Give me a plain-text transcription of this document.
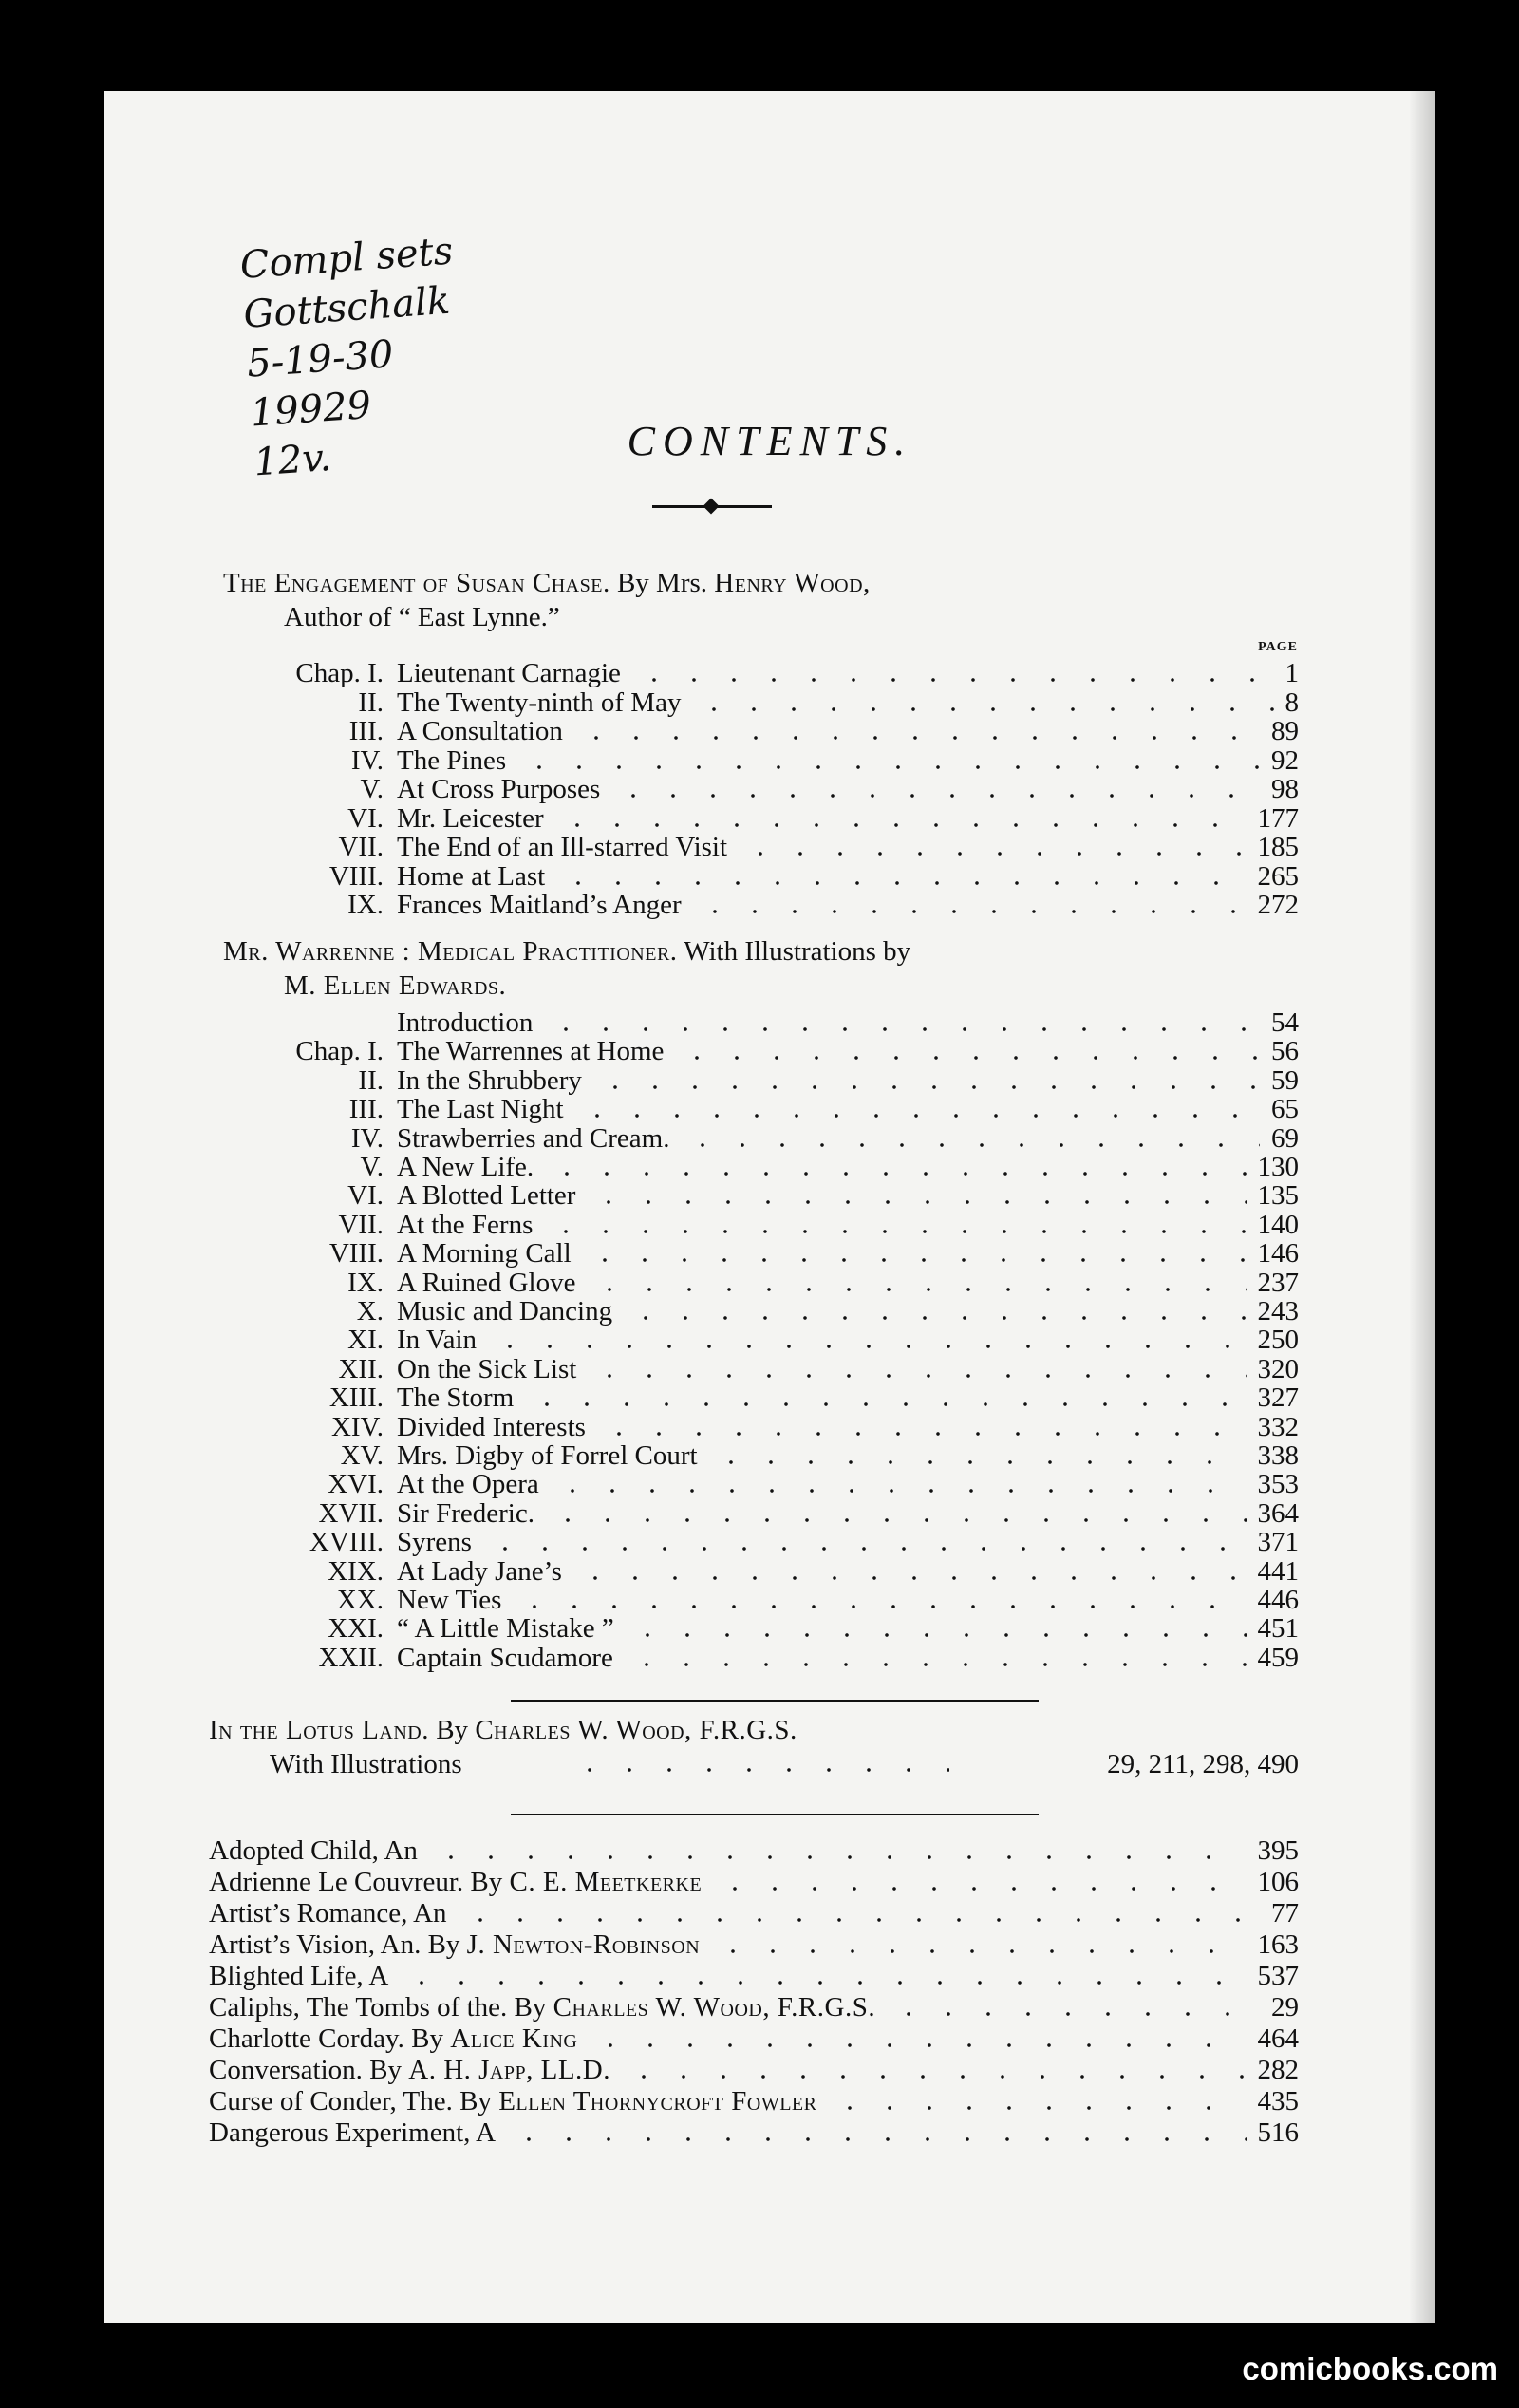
Compl sets
Gottschalk
5-19-30
19929
12v.	CONTENTS.
The Engagement of Susan Chase. By Mrs. Henry Wood,
Author of “ East Lynne.”
PAGE
Chap. I. Lieutenant Carnagie	1
II. The Twenty-ninth of May	8
III. A Consultation	89
IV. The Pines	92
V. At Cross Purposes	98
VI. Mr. Leicester	177
VII. The End of an Ill-starred Visit	185
VIII. Home at Last	265
IX. Frances Maitland’s Anger	272
Mr. Warrenne : Medical Practitioner. With Illustrations by
M. Ellen Edwards.
Introduction	54
Chap. I. The Warrennes at Home	56
II. In the Shrubbery	59
III. The Last Night	65
IV. Strawberries and Cream.	69
V. A New Life.	130
VI. A Blotted Letter	135
VII. At the Ferns	140
VIII. A Morning Call	146
IX. A Ruined Glove	237
X. Music and Dancing	243
XI. In Vain	250
XII. On the Sick List	320
XIII. The Storm	327
XIV. Divided Interests	332
XV. Mrs. Digby of Forrel Court	338
XVI. At the Opera	353
XVII. Sir Frederic.	364
XVIII. Syrens	371
XIX. At Lady Jane’s	441
XX. New Ties	446
XXI. “ A Little Mistake ”	451
XXII. Captain Scudamore	459
In the Lotus Land. By Charles W. Wood, F.R.G.S.
With Illustrations	29, 211, 298, 490
Adopted Child, An	395
Adrienne Le Couvreur. By C. E. Meetkerke	106
Artist’s Romance, An	77
Artist’s Vision, An. By J. Newton-Robinson	163
Blighted Life, A	537
Caliphs, The Tombs of the. By Charles W. Wood, F.R.G.S.	29
Charlotte Corday. By Alice King	464
Conversation. By A. H. Japp, LL.D.	282
Curse of Conder, The. By Ellen Thornycroft Fowler	435
Dangerous Experiment, A	516
comicbooks.com
